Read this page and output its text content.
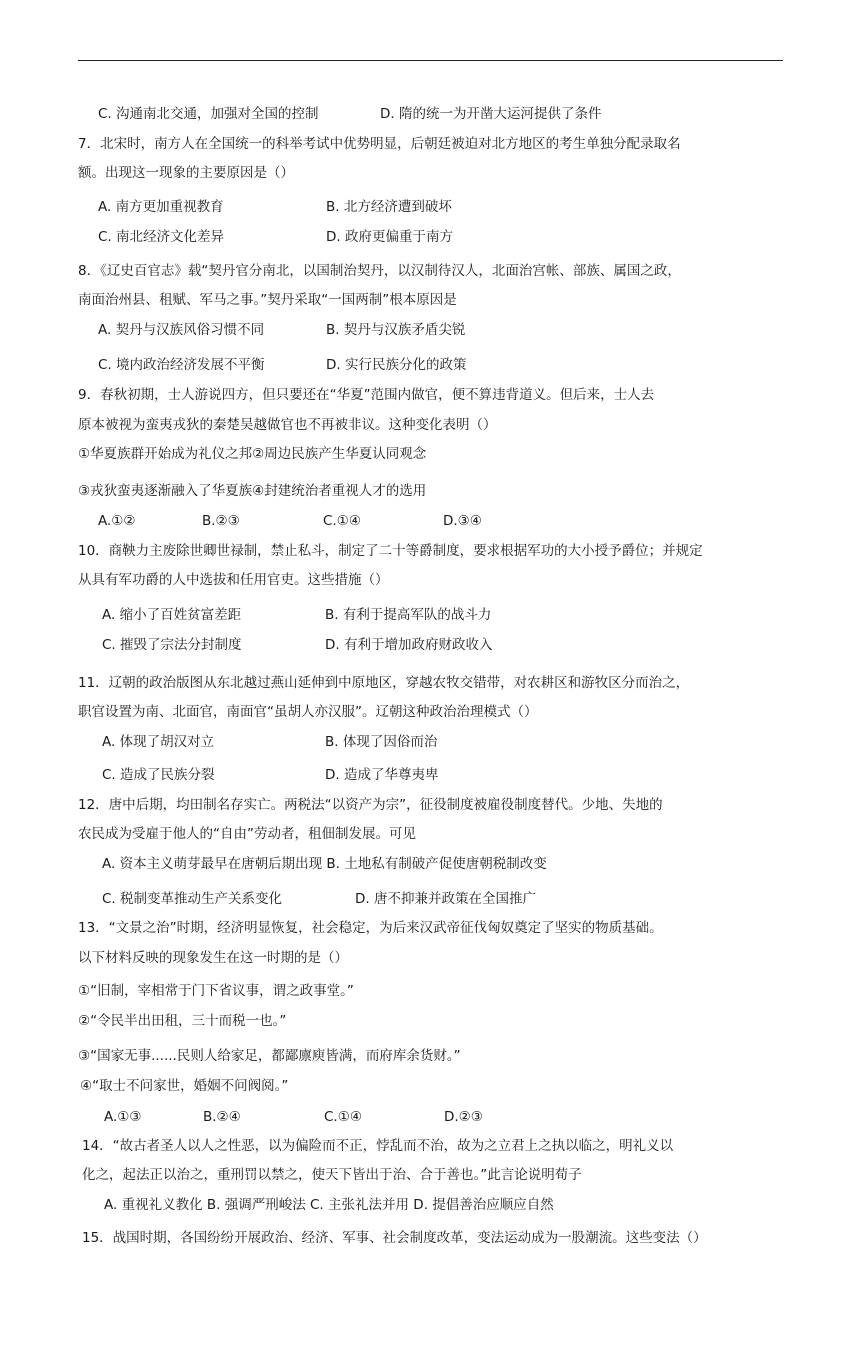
C. 沟通南北交通，加强对全国的控制	D. 隋的统一为开凿大运河提供了条件
7．北宋时，南方人在全国统一的科举考试中优势明显，后朝廷被迫对北方地区的考生单独分配录取名
额。出现这一现象的主要原因是（）
A. 南方更加重视教育	B. 北方经济遭到破坏
C. 南北经济文化差异	D. 政府更偏重于南方
8．《辽史百官志》载“契丹官分南北，以国制治契丹，以汉制待汉人，北面治宫帐、部族、属国之政，
南面治州县、租赋、军马之事。”契丹采取“一国两制”根本原因是
A. 契丹与汉族风俗习惯不同	B. 契丹与汉族矛盾尖锐
C. 境内政治经济发展不平衡	D. 实行民族分化的政策
9．春秋初期，士人游说四方，但只要还在“华夏”范围内做官，便不算违背道义。但后来，士人去
原本被视为蛮夷戎狄的秦楚吴越做官也不再被非议。这种变化表明（）
①华夏族群开始成为礼仪之邦②周边民族产生华夏认同观念
③戎狄蛮夷逐渐融入了华夏族④封建统治者重视人才的选用
A.①②	B.②③	C.①④	D.③④
10．商鞅力主废除世卿世禄制，禁止私斗，制定了二十等爵制度，要求根据军功的大小授予爵位；并规定
从具有军功爵的人中选拔和任用官吏。这些措施（）
A. 缩小了百姓贫富差距	B. 有利于提高军队的战斗力
C. 摧毁了宗法分封制度	D. 有利于增加政府财政收入
11．辽朝的政治版图从东北越过燕山延伸到中原地区，穿越农牧交错带，对农耕区和游牧区分而治之，
职官设置为南、北面官，南面官“虽胡人亦汉服”。辽朝这种政治治理模式（）
A. 体现了胡汉对立	B. 体现了因俗而治
C. 造成了民族分裂	D. 造成了华尊夷卑
12．唐中后期，均田制名存实亡。两税法“以资产为宗”，征役制度被雇役制度替代。少地、失地的
农民成为受雇于他人的“自由”劳动者，租佃制发展。可见
A. 资本主义萌芽最早在唐朝后期出现 B. 土地私有制破产促使唐朝税制改变
C. 税制变革推动生产关系变化	D. 唐不抑兼并政策在全国推广
13．“文景之治”时期，经济明显恢复，社会稳定，为后来汉武帝征伐匈奴奠定了坚实的物质基础。
以下材料反映的现象发生在这一时期的是（）
①“旧制，宰相常于门下省议事，谓之政事堂。”
②“令民半出田租，三十而税一也。”
③“国家无事......民则人给家足，都鄙廪庾皆满，而府库余货财。”
④“取士不问家世，婚姻不问阀阅。”
A.①③	B.②④	C.①④	D.②③
14．“故古者圣人以人之性恶，以为偏险而不正，悖乱而不治，故为之立君上之执以临之，明礼义以
化之，起法正以治之，重刑罚以禁之，使天下皆出于治、合于善也。”此言论说明荀子
A. 重视礼义教化 B. 强调严刑峻法 C. 主张礼法并用 D. 提倡善治应顺应自然
15．战国时期，各国纷纷开展政治、经济、军事、社会制度改革，变法运动成为一股潮流。这些变法（）
